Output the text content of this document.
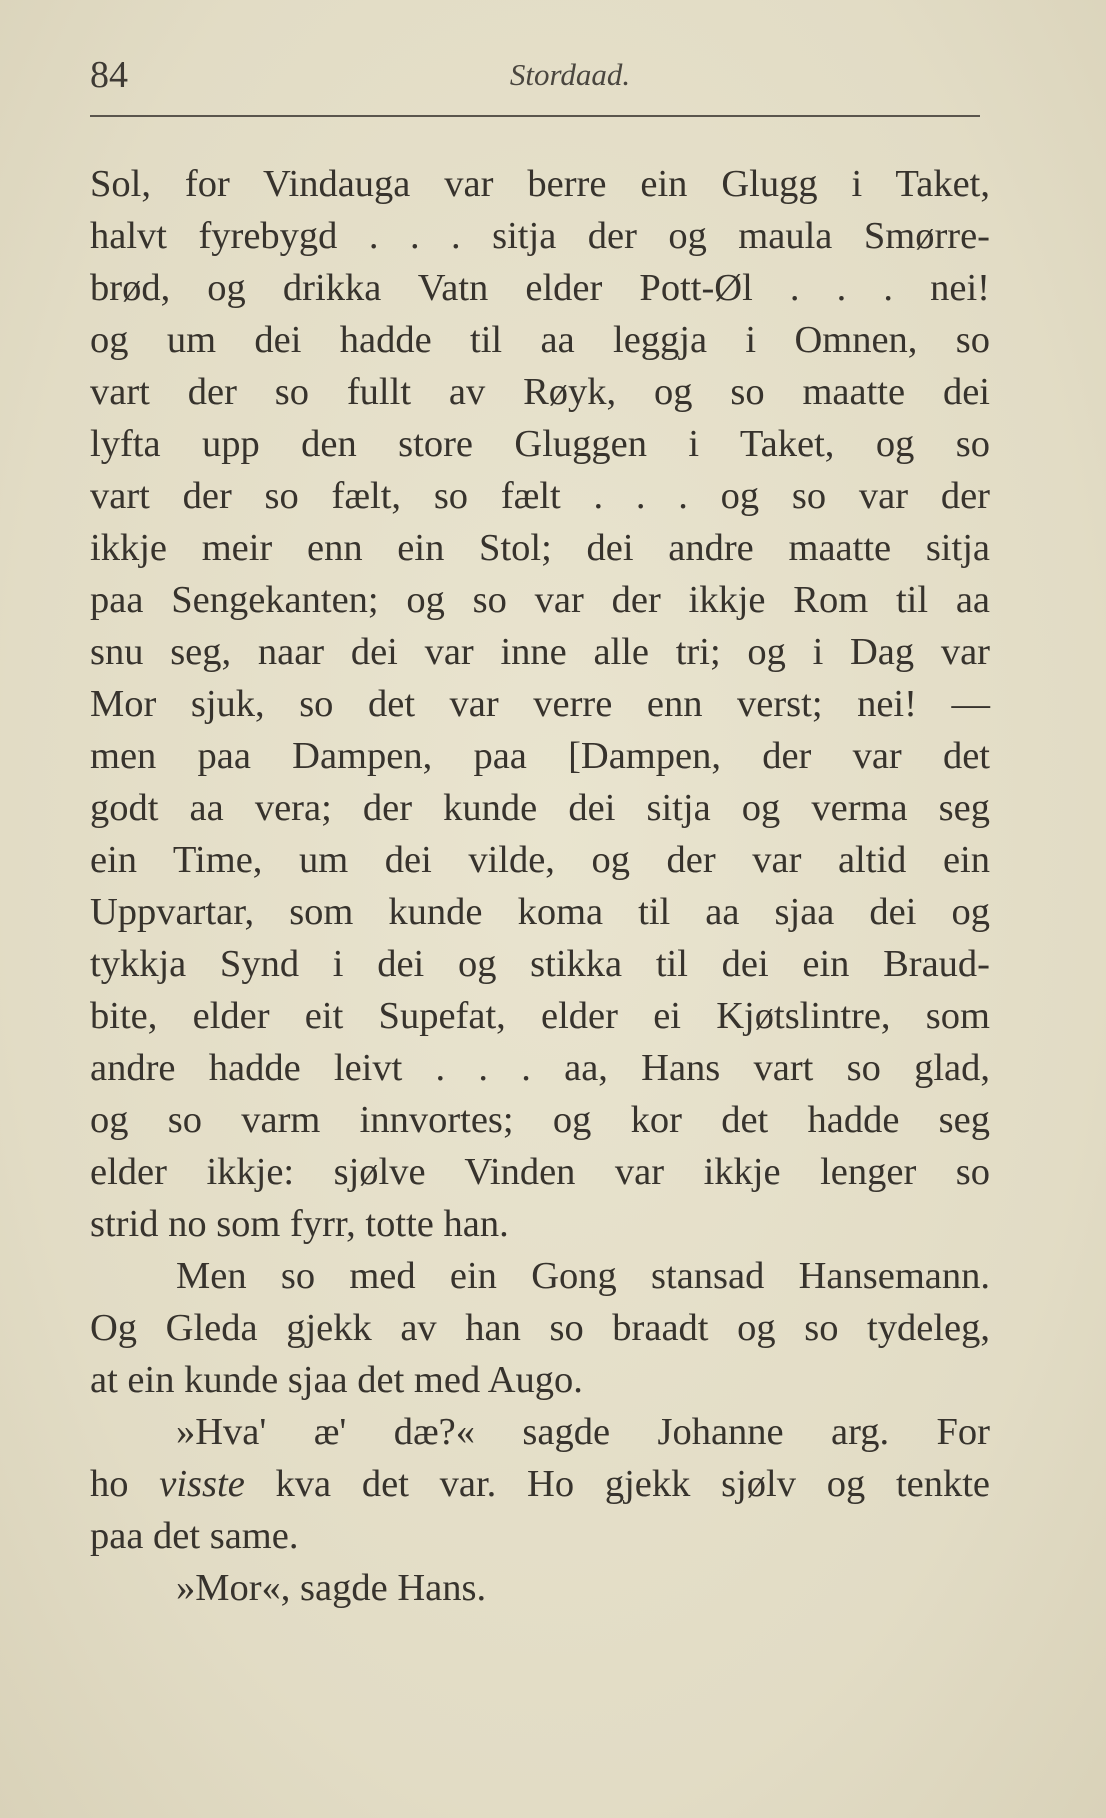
84	Stordaad.
Sol, for Vindauga var berre ein Glugg i Taket,
halvt fyrebygd . . . sitja der og maula Smørre-
brød, og drikka Vatn elder Pott-Øl . . . nei!
og um dei hadde til aa leggja i Omnen, so
vart der so fullt av Røyk, og so maatte dei
lyfta upp den store Gluggen i Taket, og so
vart der so fælt, so fælt . . . og so var der
ikkje meir enn ein Stol; dei andre maatte sitja
paa Sengekanten; og so var der ikkje Rom til aa
snu seg, naar dei var inne alle tri; og i Dag var
Mor sjuk, so det var verre enn verst; nei! —
men paa Dampen, paa [Dampen, der var det
godt aa vera; der kunde dei sitja og verma seg
ein Time, um dei vilde, og der var altid ein
Uppvartar, som kunde koma til aa sjaa dei og
tykkja Synd i dei og stikka til dei ein Braud-
bite, elder eit Supefat, elder ei Kjøtslintre, som
andre hadde leivt . . . aa, Hans vart so glad,
og so varm innvortes; og kor det hadde seg
elder ikkje: sjølve Vinden var ikkje lenger so
strid no som fyrr, totte han.
Men so med ein Gong stansad Hansemann.
Og Gleda gjekk av han so braadt og so tydeleg,
at ein kunde sjaa det med Augo.
»Hva' æ' dæ?« sagde Johanne arg. For
ho visste kva det var. Ho gjekk sjølv og tenkte
paa det same.
»Mor«, sagde Hans.
